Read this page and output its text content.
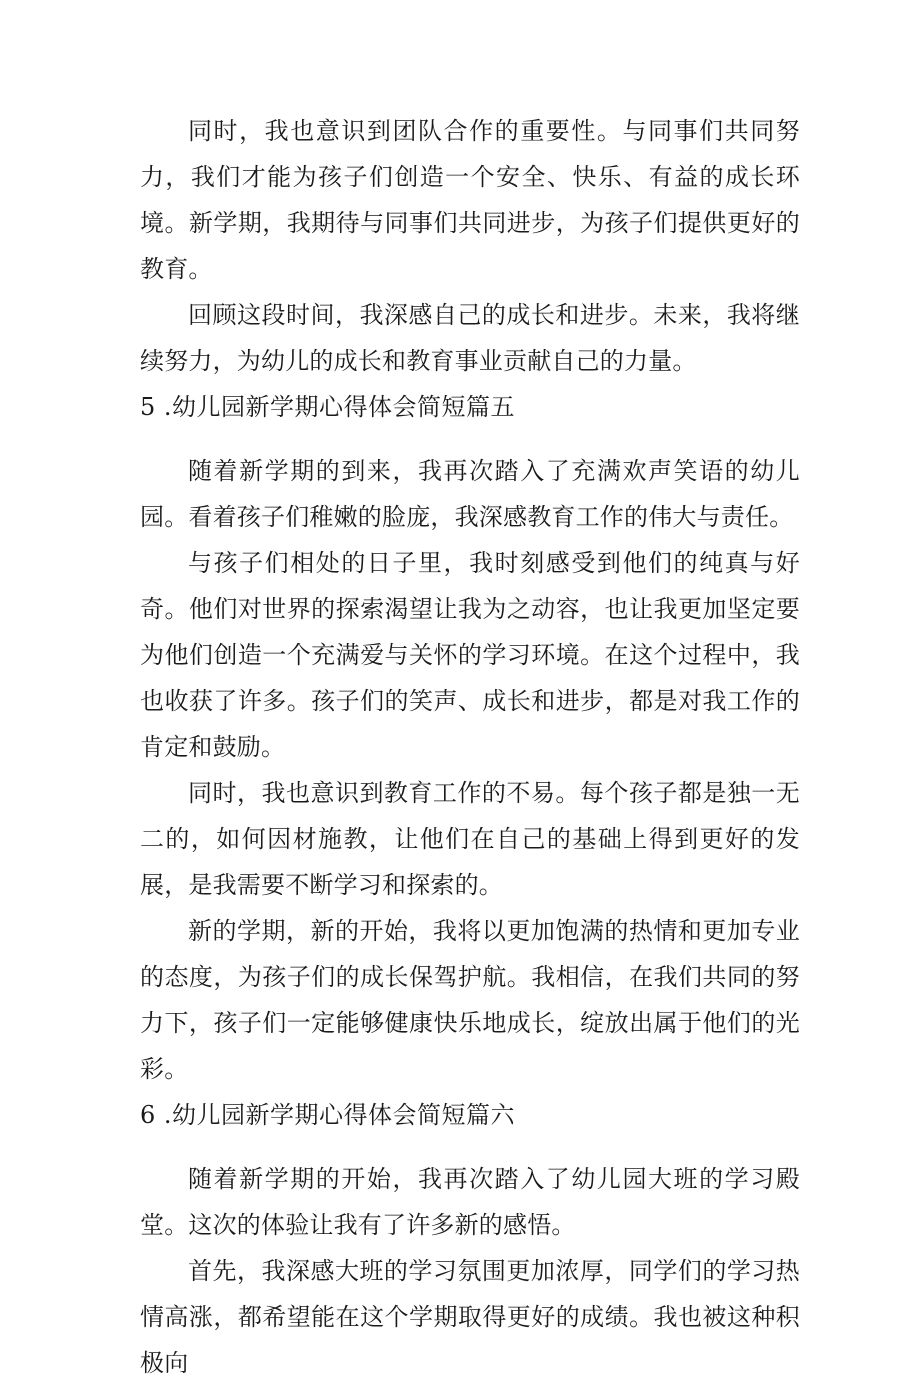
同时，我也意识到团队合作的重要性。与同事们共同努力，我们才能为孩子们创造一个安全、快乐、有益的成长环境。新学期，我期待与同事们共同进步，为孩子们提供更好的教育。

回顾这段时间，我深感自己的成长和进步。未来，我将继续努力，为幼儿的成长和教育事业贡献自己的力量。

5 .幼儿园新学期心得体会简短篇五

随着新学期的到来，我再次踏入了充满欢声笑语的幼儿园。看着孩子们稚嫩的脸庞，我深感教育工作的伟大与责任。

与孩子们相处的日子里，我时刻感受到他们的纯真与好奇。他们对世界的探索渴望让我为之动容，也让我更加坚定要为他们创造一个充满爱与关怀的学习环境。在这个过程中，我也收获了许多。孩子们的笑声、成长和进步，都是对我工作的肯定和鼓励。

同时，我也意识到教育工作的不易。每个孩子都是独一无二的，如何因材施教，让他们在自己的基础上得到更好的发展，是我需要不断学习和探索的。

新的学期，新的开始，我将以更加饱满的热情和更加专业的态度，为孩子们的成长保驾护航。我相信，在我们共同的努力下，孩子们一定能够健康快乐地成长，绽放出属于他们的光彩。

6 .幼儿园新学期心得体会简短篇六

随着新学期的开始，我再次踏入了幼儿园大班的学习殿堂。这次的体验让我有了许多新的感悟。

首先，我深感大班的学习氛围更加浓厚，同学们的学习热情高涨，都希望能在这个学期取得更好的成绩。我也被这种积极向
